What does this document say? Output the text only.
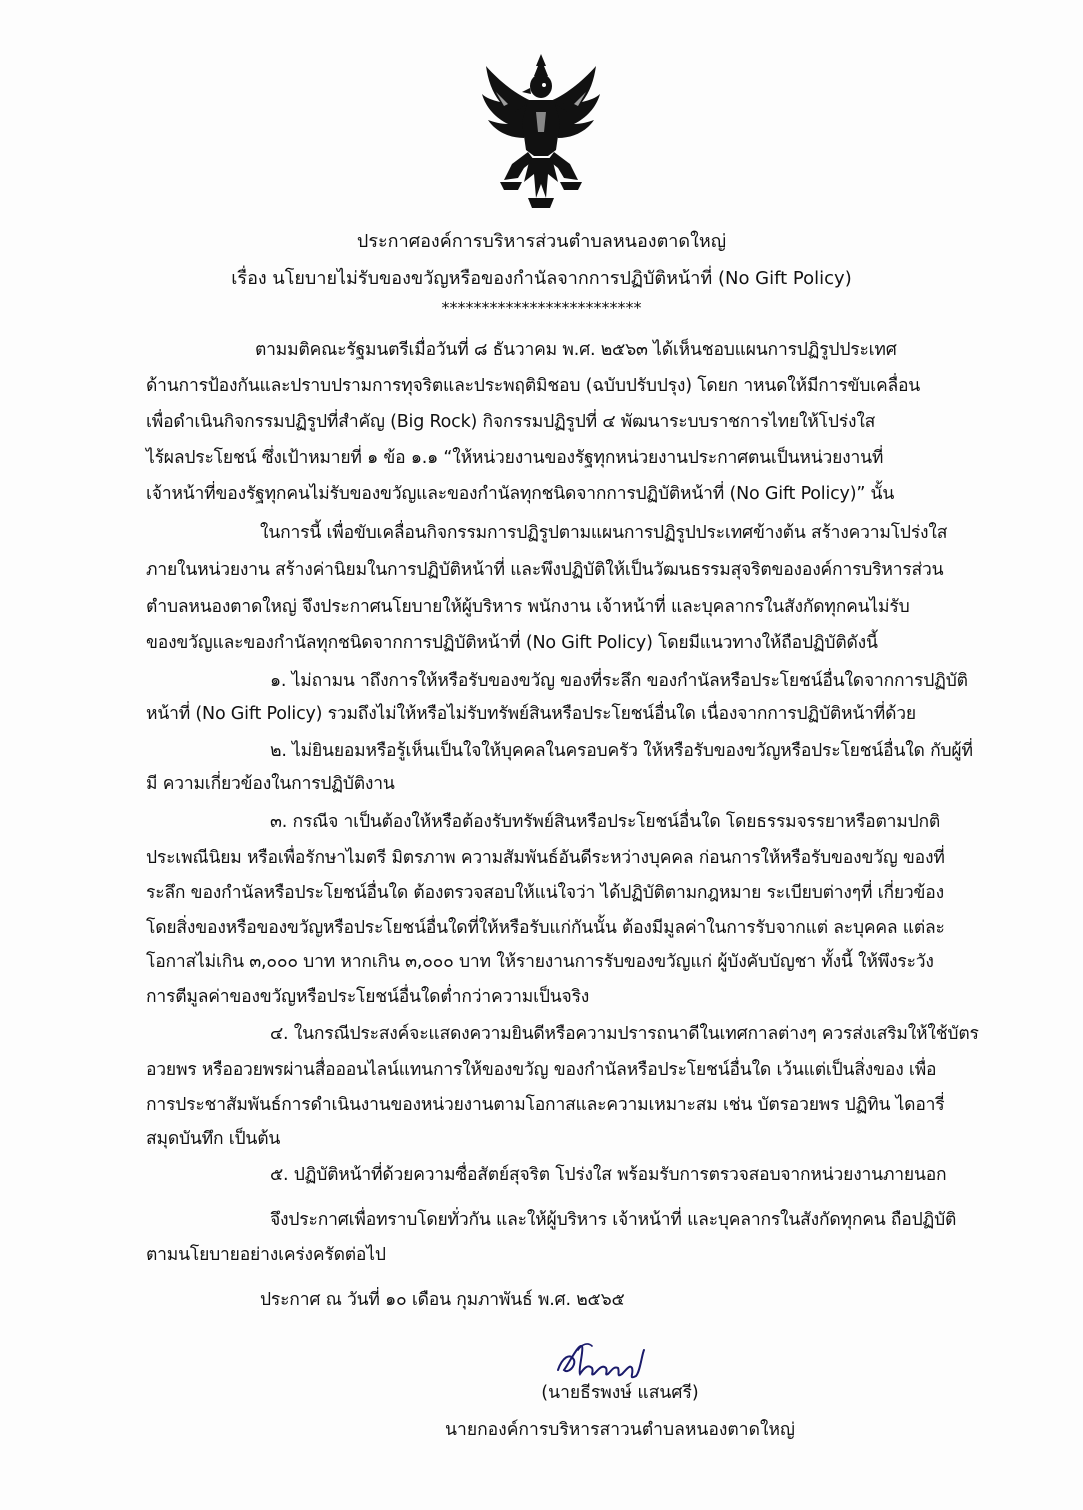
ประกาศองค์การบริหารส่วนตำบลหนองตาดใหญ่
เรื่อง นโยบายไม่รับของขวัญหรือของกำนัลจากการปฏิบัติหน้าที่ (No Gift Policy)
*************************
ตามมติคณะรัฐมนตรีเมื่อวันที่ ๘ ธันวาคม พ.ศ. ๒๕๖๓ ได้เห็นชอบแผนการปฏิรูปประเทศ
ด้านการป้องกันและปราบปรามการทุจริตและประพฤติมิชอบ (ฉบับปรับปรุง) โดยก าหนดให้มีการขับเคลื่อน
เพื่อดำเนินกิจกรรมปฏิรูปที่สำคัญ (Big Rock) กิจกรรมปฏิรูปที่ ๔ พัฒนาระบบราชการไทยให้โปร่งใส
ไร้ผลประโยชน์ ซึ่งเป้าหมายที่ ๑ ข้อ ๑.๑ “ให้หน่วยงานของรัฐทุกหน่วยงานประกาศตนเป็นหน่วยงานที่
เจ้าหน้าที่ของรัฐทุกคนไม่รับของขวัญและของกำนัลทุกชนิดจากการปฏิบัติหน้าที่ (No Gift Policy)” นั้น
ในการนี้ เพื่อขับเคลื่อนกิจกรรมการปฏิรูปตามแผนการปฏิรูปประเทศข้างต้น สร้างความโปร่งใส
ภายในหน่วยงาน สร้างค่านิยมในการปฏิบัติหน้าที่ และพึงปฏิบัติให้เป็นวัฒนธรรมสุจริตขององค์การบริหารส่วน
ตำบลหนองตาดใหญ่ จึงประกาศนโยบายให้ผู้บริหาร พนักงาน เจ้าหน้าที่ และบุคลากรในสังกัดทุกคนไม่รับ
ของขวัญและของกำนัลทุกชนิดจากการปฏิบัติหน้าที่ (No Gift Policy) โดยมีแนวทางให้ถือปฏิบัติดังนี้
๑. ไม่ถามน าถึงการให้หรือรับของขวัญ ของที่ระลึก ของกำนัลหรือประโยชน์อื่นใดจากการปฏิบัติ
หน้าที่ (No Gift Policy) รวมถึงไม่ให้หรือไม่รับทรัพย์สินหรือประโยชน์อื่นใด เนื่องจากการปฏิบัติหน้าที่ด้วย
๒. ไม่ยินยอมหรือรู้เห็นเป็นใจให้บุคคลในครอบครัว ให้หรือรับของขวัญหรือประโยชน์อื่นใด กับผู้ที่
มี ความเกี่ยวข้องในการปฏิบัติงาน
๓. กรณีจ าเป็นต้องให้หรือต้องรับทรัพย์สินหรือประโยชน์อื่นใด โดยธรรมจรรยาหรือตามปกติ
ประเพณีนิยม หรือเพื่อรักษาไมตรี มิตรภาพ ความสัมพันธ์อันดีระหว่างบุคคล ก่อนการให้หรือรับของขวัญ ของที่
ระลึก ของกำนัลหรือประโยชน์อื่นใด ต้องตรวจสอบให้แน่ใจว่า ได้ปฏิบัติตามกฎหมาย ระเบียบต่างๆที่ เกี่ยวข้อง
โดยสิ่งของหรือของขวัญหรือประโยชน์อื่นใดที่ให้หรือรับแก่กันนั้น ต้องมีมูลค่าในการรับจากแต่ ละบุคคล แต่ละ
โอกาสไม่เกิน ๓,๐๐๐ บาท หากเกิน ๓,๐๐๐ บาท ให้รายงานการรับของขวัญแก่ ผู้บังคับบัญชา ทั้งนี้ ให้พึงระวัง
การตีมูลค่าของขวัญหรือประโยชน์อื่นใดต่ำกว่าความเป็นจริง
๔. ในกรณีประสงค์จะแสดงความยินดีหรือความปรารถนาดีในเทศกาลต่างๆ ควรส่งเสริมให้ใช้บัตร
อวยพร หรืออวยพรผ่านสื่อออนไลน์แทนการให้ของขวัญ ของกำนัลหรือประโยชน์อื่นใด เว้นแต่เป็นสิ่งของ เพื่อ
การประชาสัมพันธ์การดำเนินงานของหน่วยงานตามโอกาสและความเหมาะสม เช่น บัตรอวยพร ปฏิทิน ไดอารี่
สมุดบันทึก เป็นต้น
๕. ปฏิบัติหน้าที่ด้วยความซื่อสัตย์สุจริต โปร่งใส พร้อมรับการตรวจสอบจากหน่วยงานภายนอก
จึงประกาศเพื่อทราบโดยทั่วกัน และให้ผู้บริหาร เจ้าหน้าที่ และบุคลากรในสังกัดทุกคน ถือปฏิบัติ
ตามนโยบายอย่างเคร่งครัดต่อไป
ประกาศ ณ วันที่ ๑๐ เดือน กุมภาพันธ์ พ.ศ. ๒๕๖๕
(นายธีรพงษ์ แสนศรี)
นายกองค์การบริหารสาวนตำบลหนองตาดใหญ่
